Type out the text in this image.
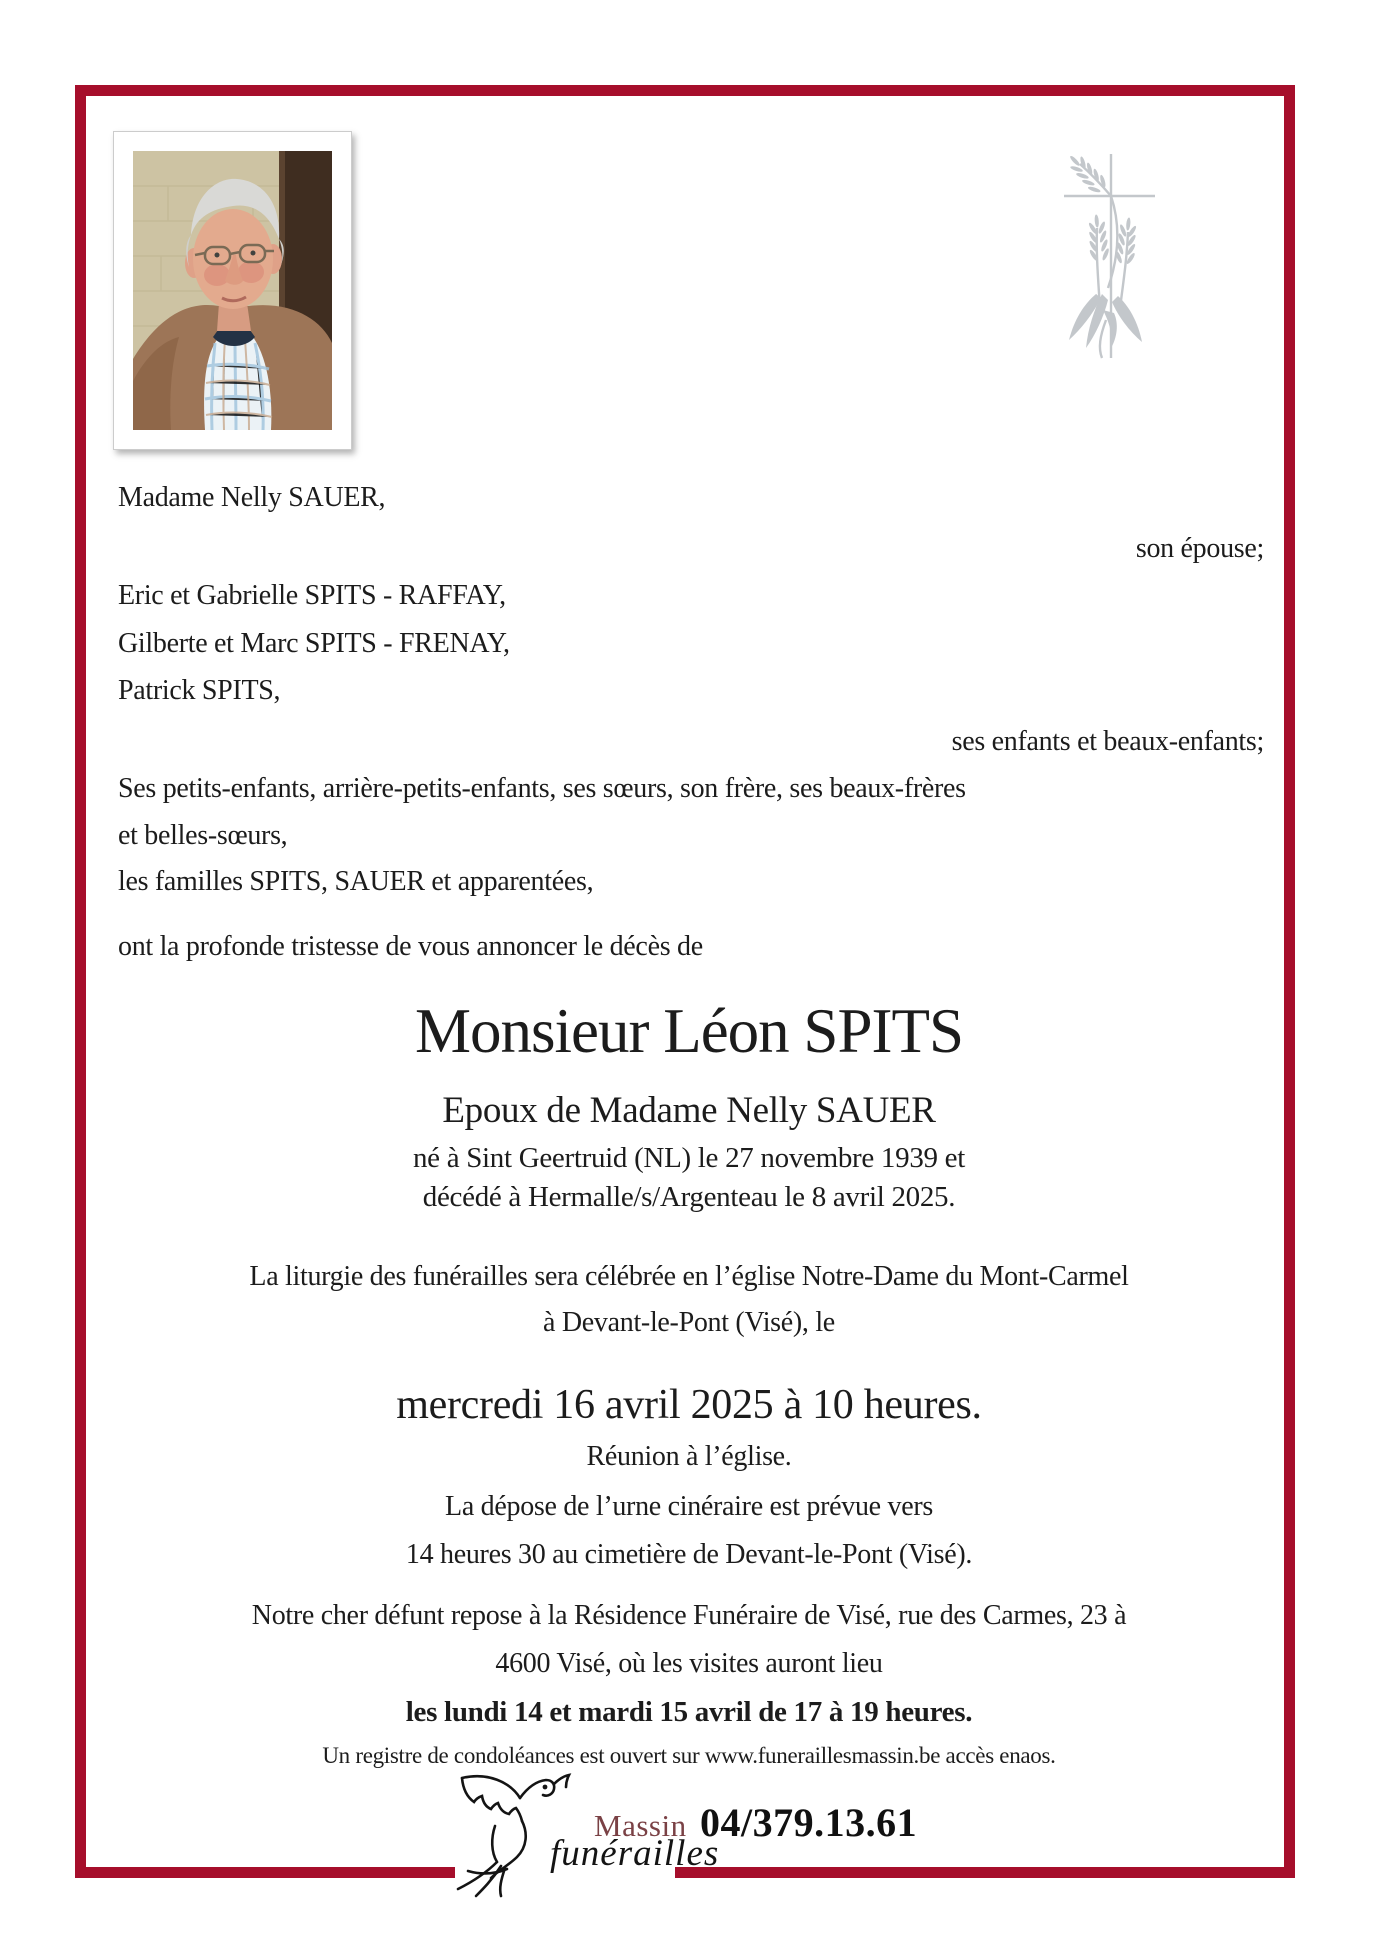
Madame Nelly SAUER,
son épouse;
Eric et Gabrielle SPITS - RAFFAY,
Gilberte et Marc SPITS - FRENAY,
Patrick SPITS,
ses enfants et beaux-enfants;
Ses petits-enfants, arrière-petits-enfants, ses sœurs, son frère, ses beaux-frères
et belles-sœurs,
les familles SPITS, SAUER et apparentées,
ont la profonde tristesse de vous annoncer le décès de
Monsieur Léon SPITS
Epoux de Madame Nelly SAUER
né à Sint Geertruid (NL) le 27 novembre 1939 et
décédé à Hermalle/s/Argenteau le 8 avril 2025.
La liturgie des funérailles sera célébrée en l’église Notre-Dame du Mont-Carmel
à Devant-le-Pont (Visé), le
mercredi 16 avril 2025 à 10 heures.
Réunion à l’église.
La dépose de l’urne cinéraire est prévue vers
14 heures 30 au cimetière de Devant-le-Pont (Visé).
Notre cher défunt repose à la Résidence Funéraire de Visé, rue des Carmes, 23 à
4600 Visé, où les visites auront lieu
les lundi 14 et mardi 15 avril de 17 à 19 heures.
Un registre de condoléances est ouvert sur www.funeraillesmassin.be accès enaos.
Massin
funérailles
04/379.13.61
